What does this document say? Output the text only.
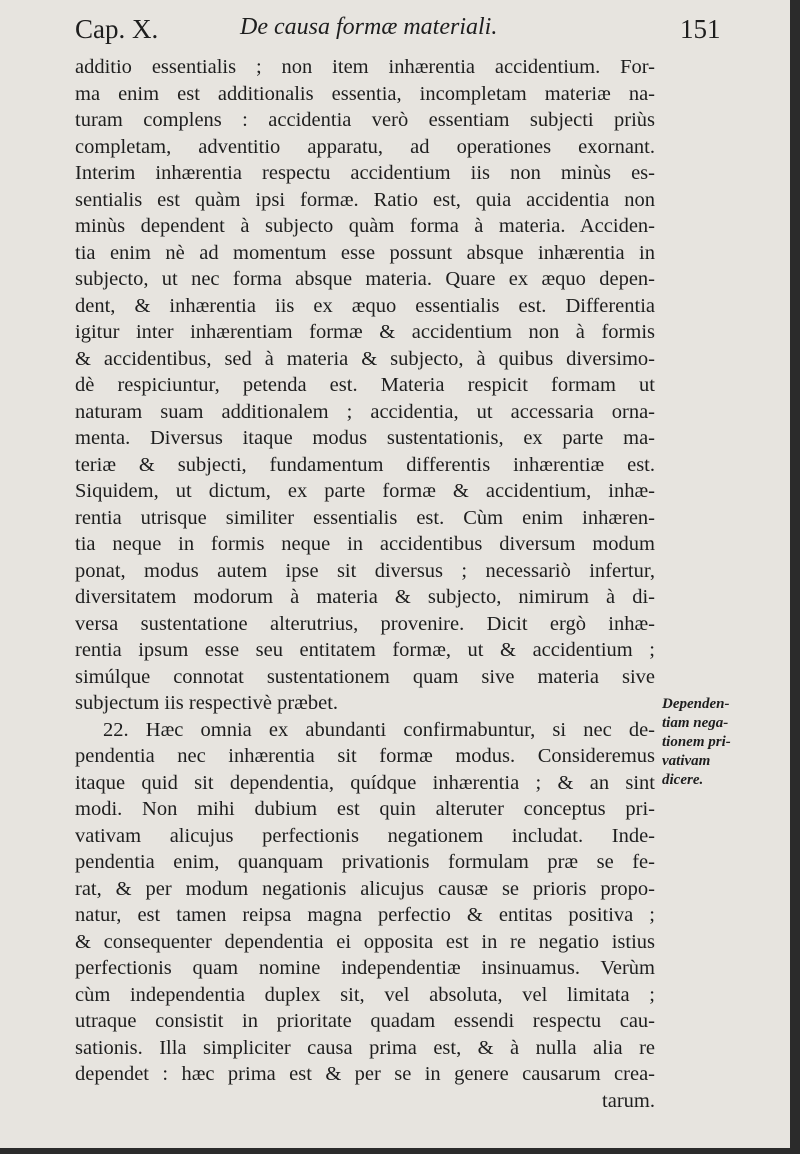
Cap. X.	De causa formæ materiali.	151
additio essentialis ; non item inhærentia accidentium. For-
ma enim est additionalis essentia, incompletam materiæ na-
turam complens : accidentia verò essentiam subjecti priùs
completam, adventitio apparatu, ad operationes exornant.
Interim inhærentia respectu accidentium iis non minùs es-
sentialis est quàm ipsi formæ. Ratio est, quia accidentia non
minùs dependent à subjecto quàm forma à materia. Acciden-
tia enim nè ad momentum esse possunt absque inhærentia in
subjecto, ut nec forma absque materia. Quare ex æquo depen-
dent, & inhærentia iis ex æquo essentialis est. Differentia
igitur inter inhærentiam formæ & accidentium non à formis
& accidentibus, sed à materia & subjecto, à quibus diversimo-
dè respiciuntur, petenda est. Materia respicit formam ut
naturam suam additionalem ; accidentia, ut accessaria orna-
menta. Diversus itaque modus sustentationis, ex parte ma-
teriæ & subjecti, fundamentum differentis inhærentiæ est.
Siquidem, ut dictum, ex parte formæ & accidentium, inhæ-
rentia utrisque similiter essentialis est. Cùm enim inhæren-
tia neque in formis neque in accidentibus diversum modum
ponat, modus autem ipse sit diversus ; necessariò infertur,
diversitatem modorum à materia & subjecto, nimirum à di-
versa sustentatione alterutrius, provenire. Dicit ergò inhæ-
rentia ipsum esse seu entitatem formæ, ut & accidentium ;
simúlque connotat sustentationem quam sive materia sive
subjectum iis respectivè præbet.
22. Hæc omnia ex abundanti confirmabuntur, si nec de-
pendentia nec inhærentia sit formæ modus. Consideremus
itaque quid sit dependentia, quídque inhærentia ; & an sint
modi. Non mihi dubium est quin alteruter conceptus pri-
vativam alicujus perfectionis negationem includat. Inde-
pendentia enim, quanquam privationis formulam præ se fe-
rat, & per modum negationis alicujus causæ se prioris propo-
natur, est tamen reipsa magna perfectio & entitas positiva ;
& consequenter dependentia ei opposita est in re negatio istius
perfectionis quam nomine independentiæ insinuamus. Verùm
cùm independentia duplex sit, vel absoluta, vel limitata ;
utraque consistit in prioritate quadam essendi respectu cau-
sationis. Illa simpliciter causa prima est, & à nulla alia re
dependet : hæc prima est & per se in genere causarum crea-
tarum.
Dependen-
tiam nega-
tionem pri-
vativam
dicere.
